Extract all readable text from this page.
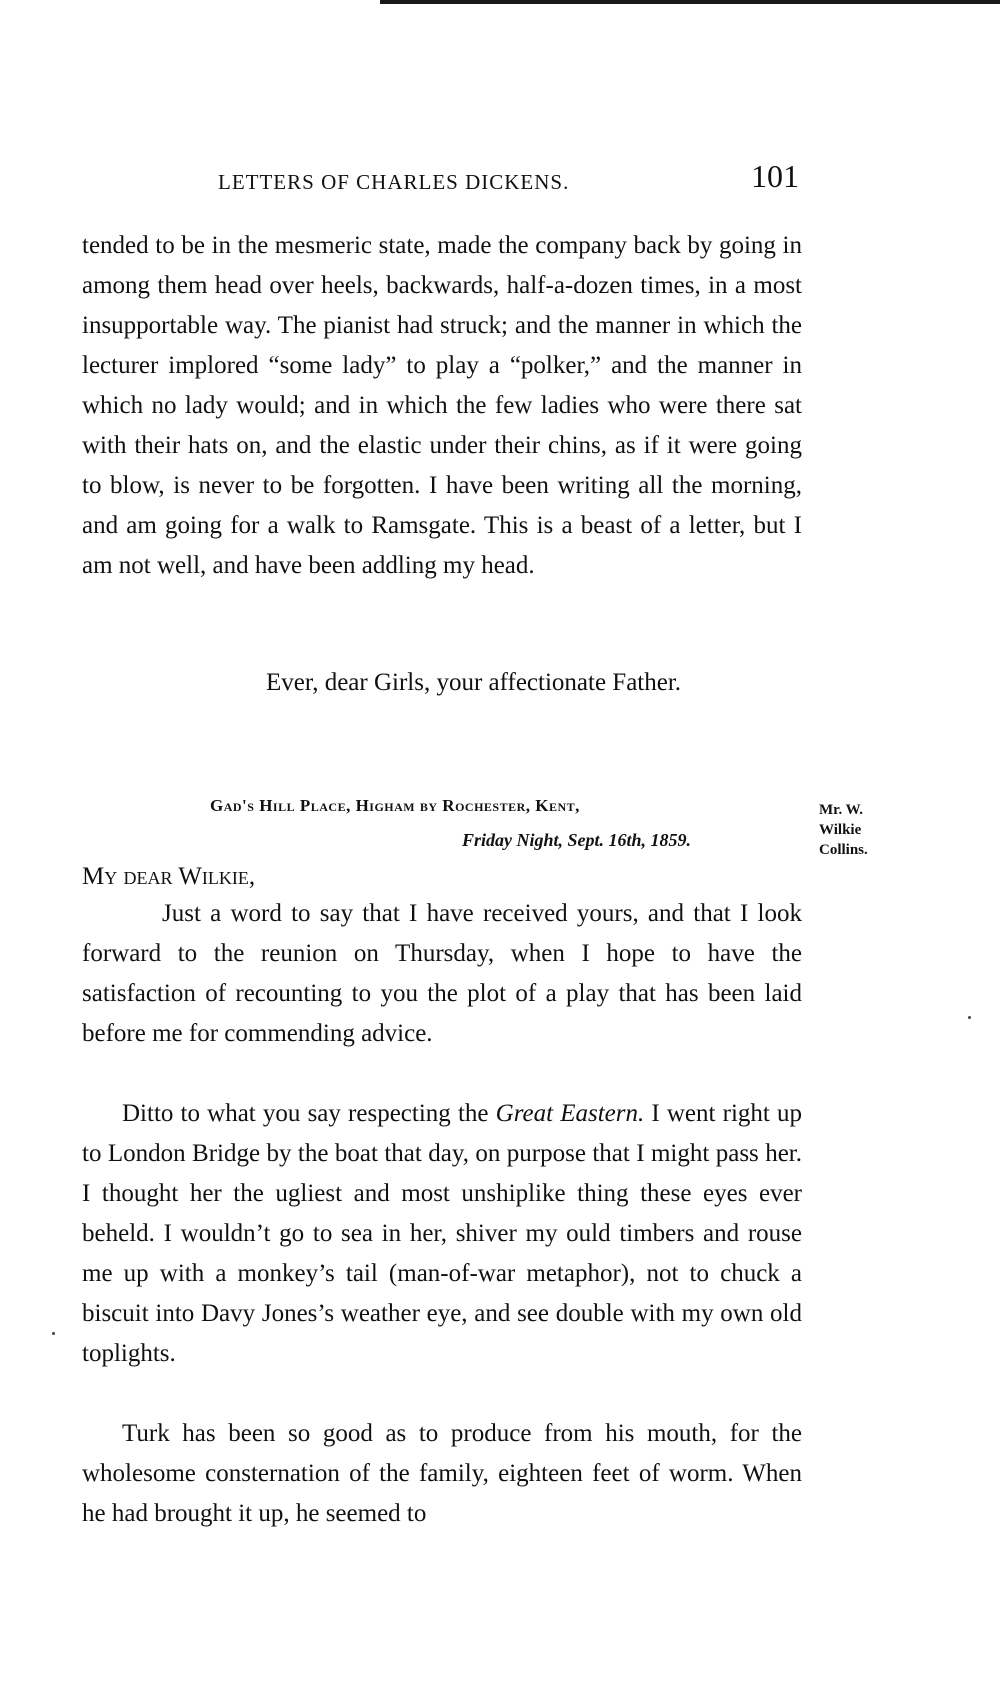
LETTERS OF CHARLES DICKENS.	101

tended to be in the mesmeric state, made the company back by going in among them head over heels, backwards, half-a-dozen times, in a most insupportable way. The pianist had struck; and the manner in which the lecturer implored “some lady” to play a “polker,” and the manner in which no lady would; and in which the few ladies who were there sat with their hats on, and the elastic under their chins, as if it were going to blow, is never to be forgotten. I have been writing all the morning, and am going for a walk to Ramsgate. This is a beast of a letter, but I am not well, and have been addling my head.

Ever, dear Girls, your affectionate Father.
Gad's Hill Place, Higham by Rochester, Kent,
Friday Night, Sept. 16th, 1859.
Mr. W. Wilkie Collins.
My dear Wilkie,

Just a word to say that I have received yours, and that I look forward to the reunion on Thursday, when I hope to have the satisfaction of recounting to you the plot of a play that has been laid before me for commending advice.

Ditto to what you say respecting the Great Eastern. I went right up to London Bridge by the boat that day, on purpose that I might pass her. I thought her the ugliest and most unshiplike thing these eyes ever beheld. I wouldn’t go to sea in her, shiver my ould timbers and rouse me up with a monkey’s tail (man-of-war metaphor), not to chuck a biscuit into Davy Jones’s weather eye, and see double with my own old toplights.

Turk has been so good as to produce from his mouth, for the wholesome consternation of the family, eighteen feet of worm. When he had brought it up, he seemed to
